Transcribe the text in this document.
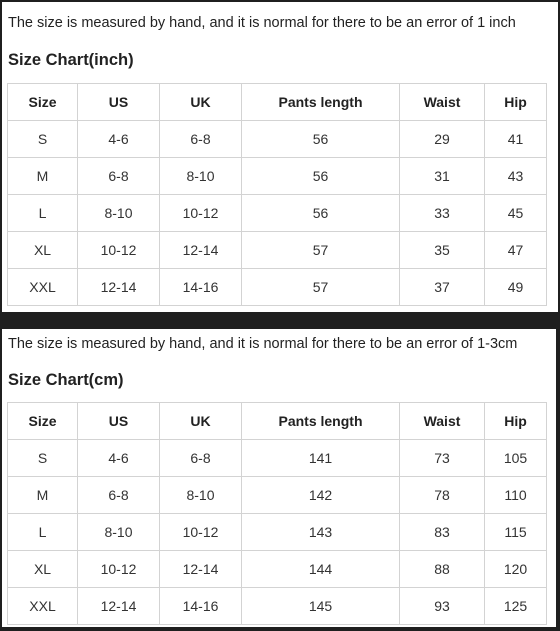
The size is measured by hand, and it is normal for there to be an error of 1 inch
Size Chart(inch)
Size	US	UK	Pants length	Waist	Hip
S	4-6	6-8	56	29	41
M	6-8	8-10	56	31	43
L	8-10	10-12	56	33	45
XL	10-12	12-14	57	35	47
XXL	12-14	14-16	57	37	49
The size is measured by hand, and it is normal for there to be an error of 1-3cm
Size Chart(cm)
Size	US	UK	Pants length	Waist	Hip
S	4-6	6-8	141	73	105
M	6-8	8-10	142	78	110
L	8-10	10-12	143	83	115
XL	10-12	12-14	144	88	120
XXL	12-14	14-16	145	93	125
